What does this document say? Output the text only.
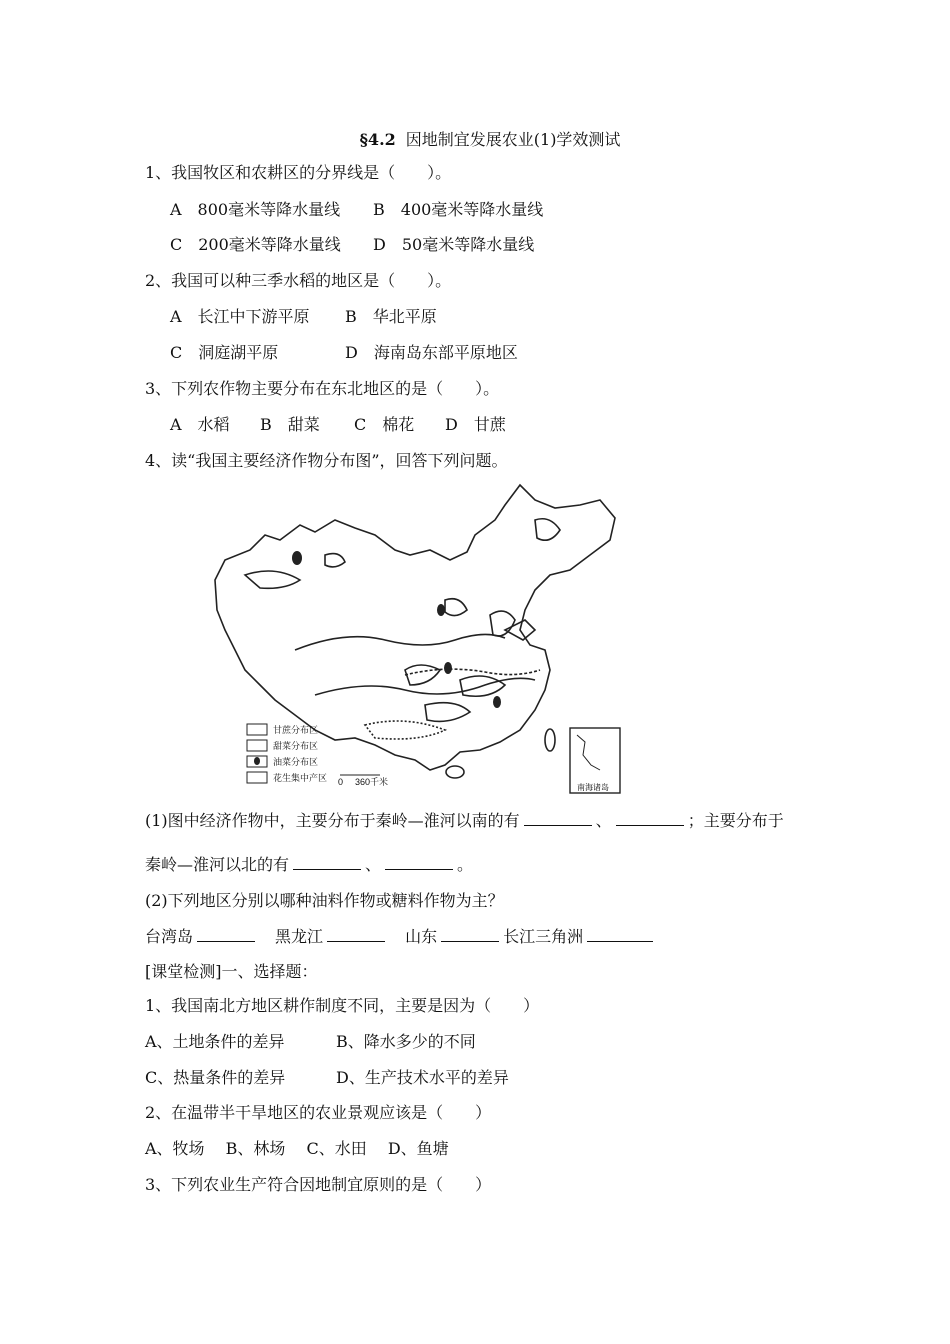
§4.2 因地制宜发展农业(1)学效测试
1、我国牧区和农耕区的分界线是（　　）。
A　800毫米等降水量线 B　400毫米等降水量线
C　200毫米等降水量线 D　50毫米等降水量线
2、我国可以种三季水稻的地区是（　　）。
A　长江中下游平原 B　华北平原
C　洞庭湖平原	D　海南岛东部平原地区
3、下列农作物主要分布在东北地区的是（　　）。
A　水稻 B　甜菜 C　棉花 D　甘蔗
4、读“我国主要经济作物分布图”，回答下列问题。
甘蔗分布区
甜菜分布区
油菜分布区
花生集中产区 0 360千米
南海诸岛
(1)图中经济作物中，主要分布于秦岭—淮河以南的有	、	；主要分布于
秦岭—淮河以北的有	、	。
(2)下列地区分别以哪种油料作物或糖料作物为主？
台湾岛　	黑龙江　	山东	长江三角洲
[课堂检测]一、选择题：
1、我国南北方地区耕作制度不同，主要是因为（　　）
A、土地条件的差异	B、降水多少的不同
C、热量条件的差异	D、生产技术水平的差异
2、在温带半干旱地区的农业景观应该是（　　）
A、牧场　 B、林场　 C、水田　 D、鱼塘
3、下列农业生产符合因地制宜原则的是（　　）
